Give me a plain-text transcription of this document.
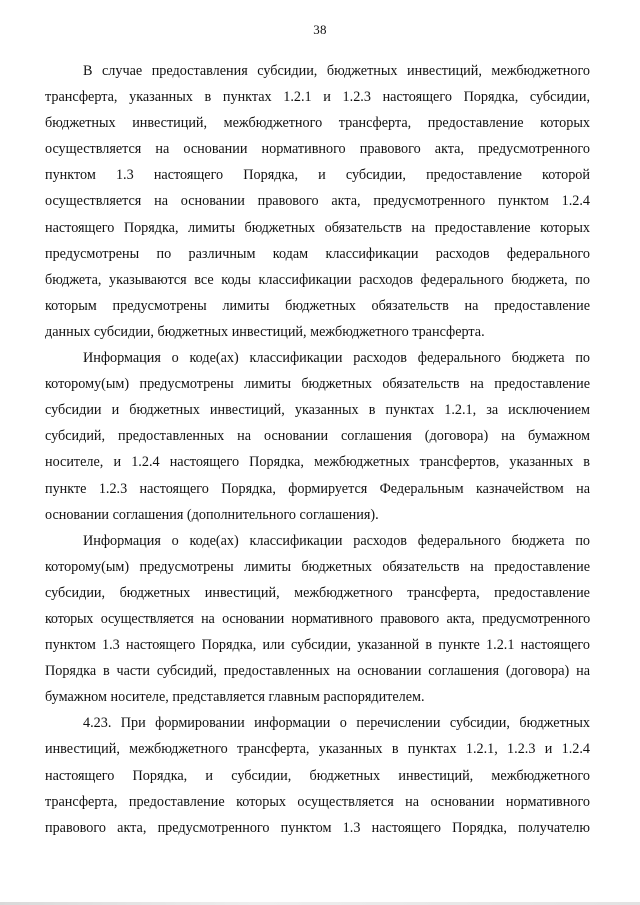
38
В случае предоставления субсидии, бюджетных инвестиций, межбюджетного
трансферта, указанных в пунктах 1.2.1 и 1.2.3 настоящего Порядка, субсидии,
бюджетных инвестиций, межбюджетного трансферта, предоставление которых
осуществляется на основании нормативного правового акта, предусмотренного
пунктом 1.3 настоящего Порядка, и субсидии, предоставление которой
осуществляется на основании правового акта, предусмотренного пунктом 1.2.4
настоящего Порядка, лимиты бюджетных обязательств на предоставление которых
предусмотрены по различным кодам классификации расходов федерального
бюджета, указываются все коды классификации расходов федерального бюджета, по
которым предусмотрены лимиты бюджетных обязательств на предоставление
данных субсидии, бюджетных инвестиций, межбюджетного трансферта.
Информация о коде(ах) классификации расходов федерального бюджета по
которому(ым) предусмотрены лимиты бюджетных обязательств на предоставление
субсидии и бюджетных инвестиций, указанных в пунктах 1.2.1, за исключением
субсидий, предоставленных на основании соглашения (договора) на бумажном
носителе, и 1.2.4 настоящего Порядка, межбюджетных трансфертов, указанных в
пункте 1.2.3 настоящего Порядка, формируется Федеральным казначейством на
основании соглашения (дополнительного соглашения).
Информация о коде(ах) классификации расходов федерального бюджета по
которому(ым) предусмотрены лимиты бюджетных обязательств на предоставление
субсидии, бюджетных инвестиций, межбюджетного трансферта, предоставление
которых осуществляется на основании нормативного правового акта, предусмотренного
пунктом 1.3 настоящего Порядка, или субсидии, указанной в пункте 1.2.1 настоящего
Порядка в части субсидий, предоставленных на основании соглашения (договора) на
бумажном носителе, представляется главным распорядителем.
4.23. При формировании информации о перечислении субсидии, бюджетных
инвестиций, межбюджетного трансферта, указанных в пунктах 1.2.1, 1.2.3 и 1.2.4
настоящего Порядка, и субсидии, бюджетных инвестиций, межбюджетного
трансферта, предоставление которых осуществляется на основании нормативного
правового акта, предусмотренного пунктом 1.3 настоящего Порядка, получателю
